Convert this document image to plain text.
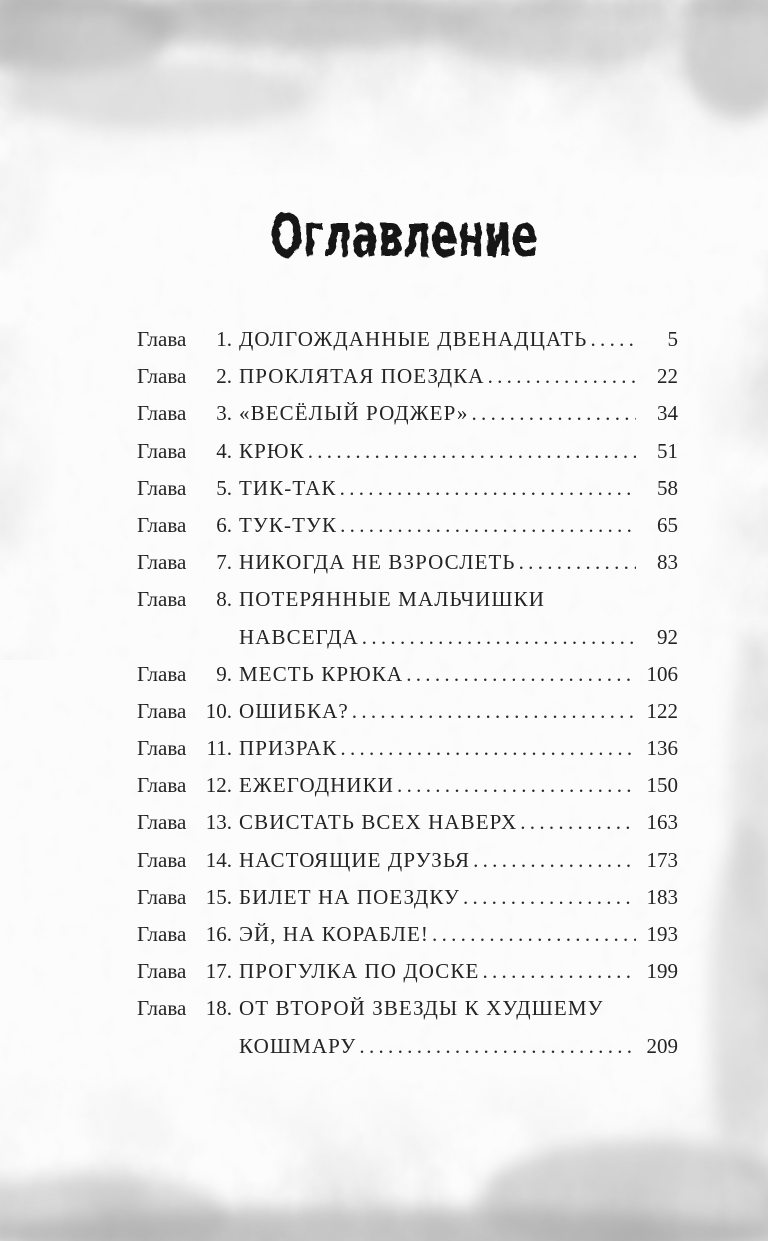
Оглавление
Глава	1. ДОЛГОЖДАННЫЕ ДВЕНАДЦАТЬ .....	5
Глава	2. ПРОКЛЯТАЯ ПОЕЗДКА .....	22
Глава	3. «ВЕСЁЛЫЙ РОДЖЕР» .....	34
Глава	4. КРЮК .....	51
Глава	5. ТИК-ТАК .....	58
Глава	6. ТУК-ТУК .....	65
Глава	7. НИКОГДА НЕ ВЗРОСЛЕТЬ .....	83
Глава	8. ПОТЕРЯННЫЕ МАЛЬЧИШКИ
НАВСЕГДА .....	92
Глава	9. МЕСТЬ КРЮКА .....	106
Глава 10. ОШИБКА? .....	122
Глава 11. ПРИЗРАК .....	136
Глава 12. ЕЖЕГОДНИКИ .....	150
Глава 13. СВИСТАТЬ ВСЕХ НАВЕРХ .....	163
Глава 14. НАСТОЯЩИЕ ДРУЗЬЯ .....	173
Глава 15. БИЛЕТ НА ПОЕЗДКУ .....	183
Глава 16. ЭЙ, НА КОРАБЛЕ! .....	193
Глава 17. ПРОГУЛКА ПО ДОСКЕ .....	199
Глава 18. ОТ ВТОРОЙ ЗВЕЗДЫ К ХУДШЕМУ
КОШМАРУ .....	209
